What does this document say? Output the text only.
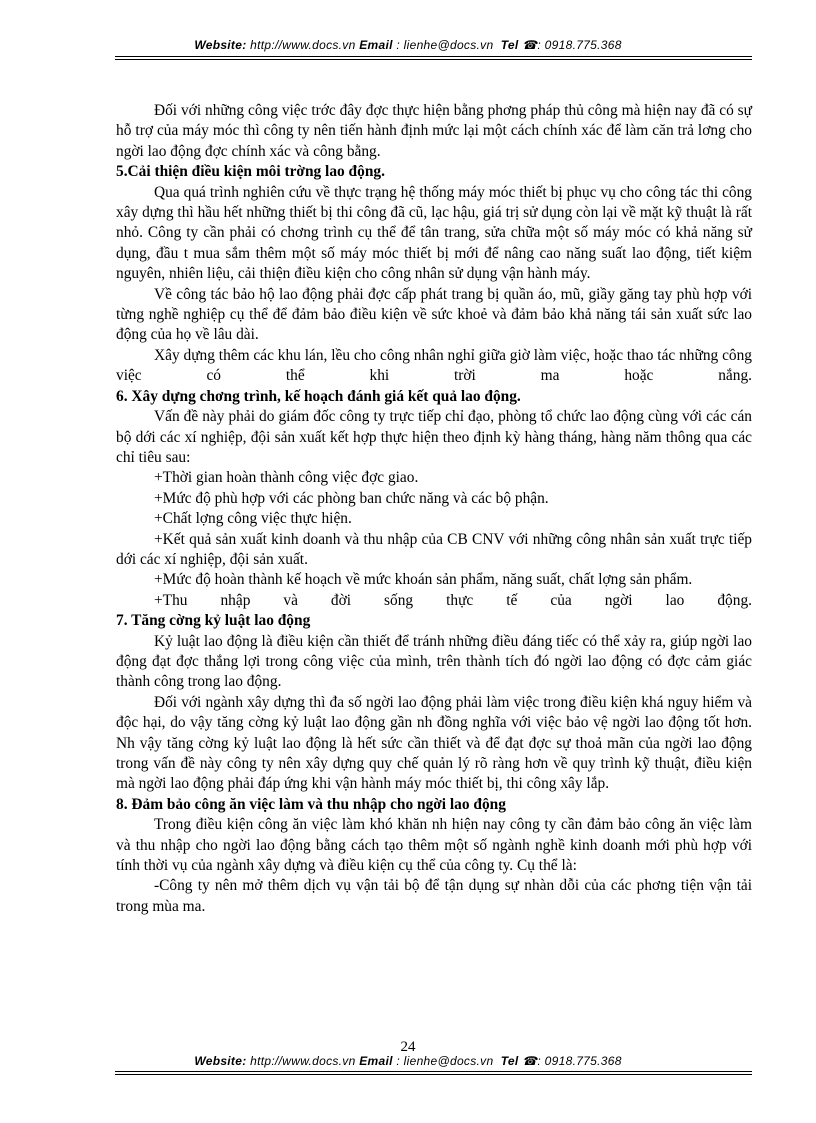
Website: http://www.docs.vn Email : lienhe@docs.vn Tel ☎: 0918.775.368

Đối với những công việc trớc đây đợc thực hiện bằng phơng pháp thủ công mà hiện nay đã có sự hỗ trợ của máy móc thì công ty nên tiến hành định mức lại một cách chính xác để làm căn trả lơng cho ngời lao động đợc chính xác và công bằng.

5.Cải thiện điều kiện môi trờng lao động.

Qua quá trình nghiên cứu về thực trạng hệ thống máy móc thiết bị phục vụ cho công tác thi công xây dựng thì hầu hết những thiết bị thi công đã cũ, lạc hậu, giá trị sử dụng còn lại về mặt kỹ thuật là rất nhỏ. Công ty cần phải có chơng trình cụ thể để tân trang, sửa chữa một số máy móc có khả năng sử dụng, đầu t mua sắm thêm một số máy móc thiết bị mới để nâng cao năng suất lao động, tiết kiệm nguyên, nhiên liệu, cải thiện điều kiện cho công nhân sử dụng vận hành máy.

Về công tác bảo hộ lao động phải đợc cấp phát trang bị quần áo, mũ, giầy găng tay phù hợp với từng nghề nghiệp cụ thể để đảm bảo điều kiện về sức khoẻ và đảm bảo khả năng tái sản xuất sức lao động của họ về lâu dài.

Xây dựng thêm các khu lán, lều cho công nhân nghỉ giữa giờ làm việc, hoặc thao tác những công việc có thể khi trời ma hoặc nắng.

6. Xây dựng chơng trình, kế hoạch đánh giá kết quả lao động.

Vấn đề này phải do giám đốc công ty trực tiếp chỉ đạo, phòng tổ chức lao động cùng với các cán bộ dới các xí nghiệp, đội sản xuất kết hợp thực hiện theo định kỳ hàng tháng, hàng năm thông qua các chỉ tiêu sau:

+Thời gian hoàn thành công việc đợc giao.

+Mức độ phù hợp với các phòng ban chức năng và các bộ phận.

+Chất lợng công việc thực hiện.

+Kết quả sản xuất kinh doanh và thu nhập của CB CNV với những công nhân sản xuất trực tiếp dới các xí nghiệp, đội sản xuất.

+Mức độ hoàn thành kế hoạch về mức khoán sản phẩm, năng suất, chất lợng sản phẩm.

+Thu nhập và đời sống thực tế của ngời lao động.

7. Tăng cờng kỷ luật lao động

Kỷ luật lao động là điều kiện cần thiết để tránh những điều đáng tiếc có thể xảy ra, giúp ngời lao động đạt đợc thắng lợi trong công việc của mình, trên thành tích đó ngời lao động có đợc cảm giác thành công trong lao động.

Đối với ngành xây dựng thì đa số ngời lao động phải làm việc trong điều kiện khá nguy hiểm và độc hại, do vậy tăng cờng kỷ luật lao động gần nh đồng nghĩa với việc bảo vệ ngời lao động tốt hơn. Nh vậy tăng cờng kỷ luật lao động là hết sức cần thiết và để đạt đợc sự thoả mãn của ngời lao động trong vấn đề này công ty nên xây dựng quy chế quản lý rõ ràng hơn về quy trình kỹ thuật, điều kiện mà ngời lao động phải đáp ứng khi vận hành máy móc thiết bị, thi công xây lắp.

8. Đảm bảo công ăn việc làm và thu nhập cho ngời lao động

Trong điều kiện công ăn việc làm khó khăn nh hiện nay công ty cần đảm bảo công ăn việc làm và thu nhập cho ngời lao động bằng cách tạo thêm một số ngành nghề kinh doanh mới phù hợp với tính thời vụ của ngành xây dựng và điều kiện cụ thể của công ty. Cụ thể là:

-Công ty nên mở thêm dịch vụ vận tải bộ để tận dụng sự nhàn dỗi của các phơng tiện vận tải trong mùa ma.

24
Website: http://www.docs.vn Email : lienhe@docs.vn Tel ☎: 0918.775.368
